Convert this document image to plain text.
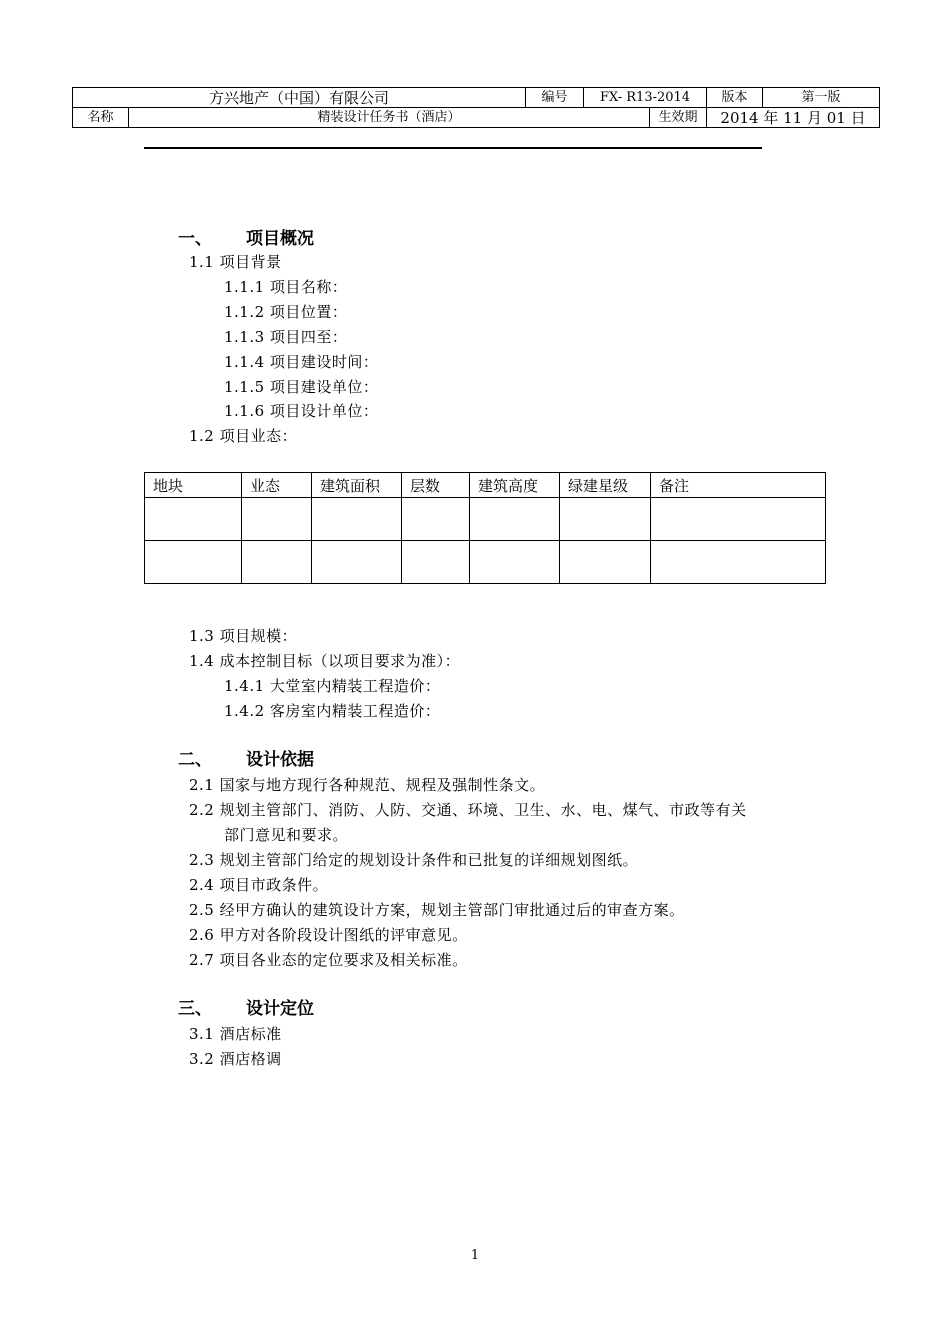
方兴地产（中国）有限公司		编号	FX- R13-2014		版本	第一版
名称	精装设计任务书（酒店）			生效期	2014 年 11 月 01 日	
一、 项目概况
1.1 项目背景
1.1.1 项目名称：
1.1.2 项目位置：
1.1.3 项目四至：
1.1.4 项目建设时间：
1.1.5 项目建设单位：
1.1.6 项目设计单位：
1.2 项目业态：
地块	业态	建筑面积	层数	建筑高度	绿建星级	备注

1.3 项目规模：
1.4 成本控制目标（以项目要求为准）：
1.4.1 大堂室内精装工程造价：
1.4.2 客房室内精装工程造价：
二、 设计依据
2.1 国家与地方现行各种规范、规程及强制性条文。
2.2 规划主管部门、消防、人防、交通、环境、卫生、水、电、煤气、市政等有关
部门意见和要求。
2.3 规划主管部门给定的规划设计条件和已批复的详细规划图纸。
2.4 项目市政条件。
2.5 经甲方确认的建筑设计方案，规划主管部门审批通过后的审查方案。
2.6 甲方对各阶段设计图纸的评审意见。
2.7 项目各业态的定位要求及相关标准。
三、 设计定位
3.1 酒店标准
3.2 酒店格调
1
